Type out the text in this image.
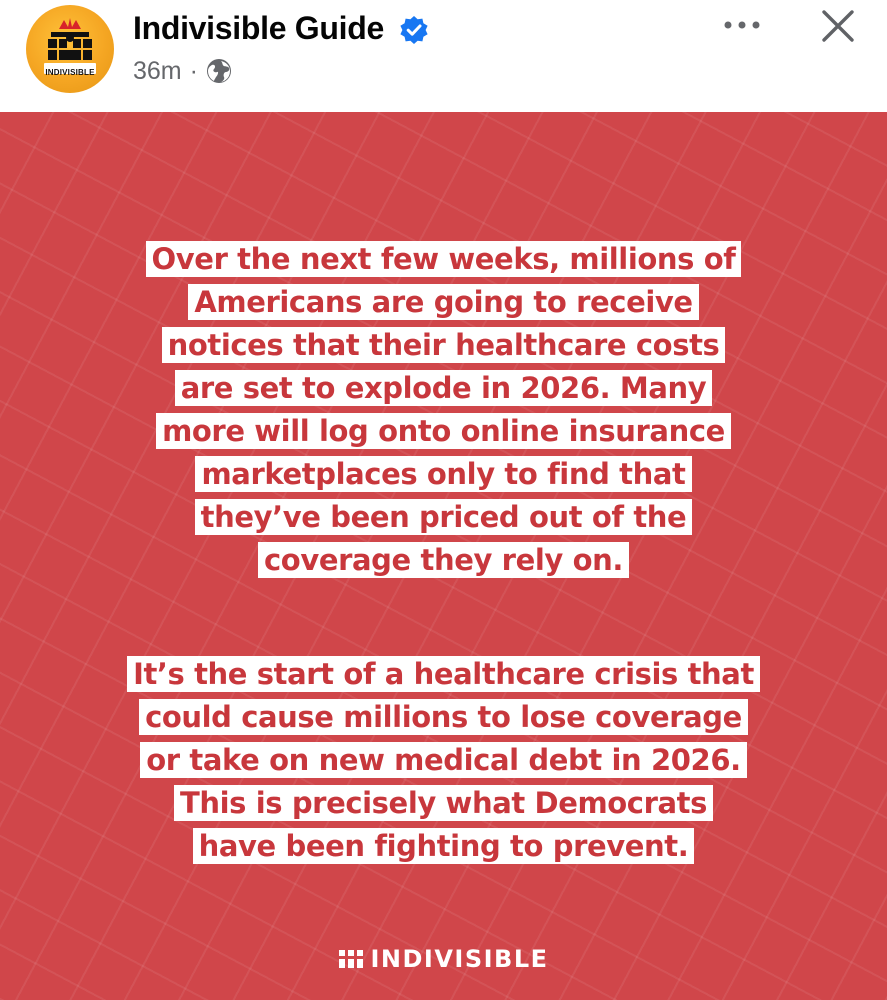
INDIVISIBLE
Indivisible Guide
36m ·
Over the next few weeks, millions of
Americans are going to receive
notices that their healthcare costs
are set to explode in 2026. Many
more will log onto online insurance
marketplaces only to find that
they’ve been priced out of the
coverage they rely on.
It’s the start of a healthcare crisis that
could cause millions to lose coverage
or take on new medical debt in 2026.
This is precisely what Democrats
have been fighting to prevent.
INDIVISIBLE
